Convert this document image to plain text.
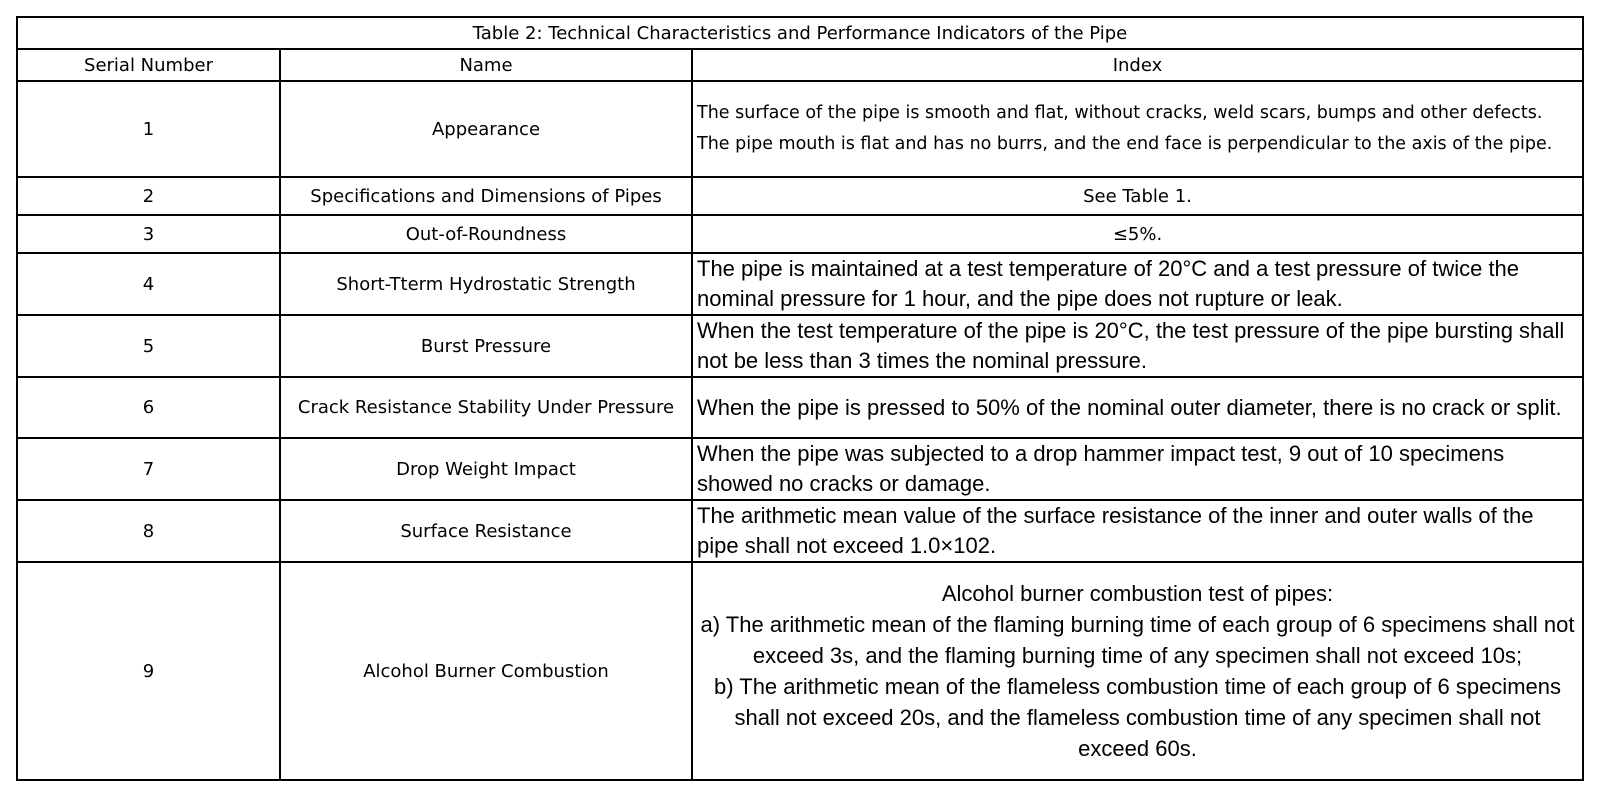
Table 2: Technical Characteristics and Performance Indicators of the Pipe		
Serial Number	Name	Index
1	Appearance	The surface of the pipe is smooth and flat, without cracks, weld scars, bumps and other defects. The pipe mouth is flat and has no burrs, and the end face is perpendicular to the axis of the pipe.
2	Specifications and Dimensions of Pipes	See Table 1.
3	Out-of-Roundness	≤5%.
4	Short-Tterm Hydrostatic Strength	The pipe is maintained at a test temperature of 20°C and a test pressure of twice the nominal pressure for 1 hour, and the pipe does not rupture or leak.
5	Burst Pressure	When the test temperature of the pipe is 20°C, the test pressure of the pipe bursting shall not be less than 3 times the nominal pressure.
6	Crack Resistance Stability Under Pressure	When the pipe is pressed to 50% of the nominal outer diameter, there is no crack or split.
7	Drop Weight Impact	When the pipe was subjected to a drop hammer impact test, 9 out of 10 specimens showed no cracks or damage.
8	Surface Resistance	The arithmetic mean value of the surface resistance of the inner and outer walls of the pipe shall not exceed 1.0×102.
9	Alcohol Burner Combustion	Alcohol burner combustion test of pipes:
a) The arithmetic mean of the flaming burning time of each group of 6 specimens shall not exceed 3s, and the flaming burning time of any specimen shall not exceed 10s;
b) The arithmetic mean of the flameless combustion time of each group of 6 specimens shall not exceed 20s, and the flameless combustion time of any specimen shall not exceed 60s.
